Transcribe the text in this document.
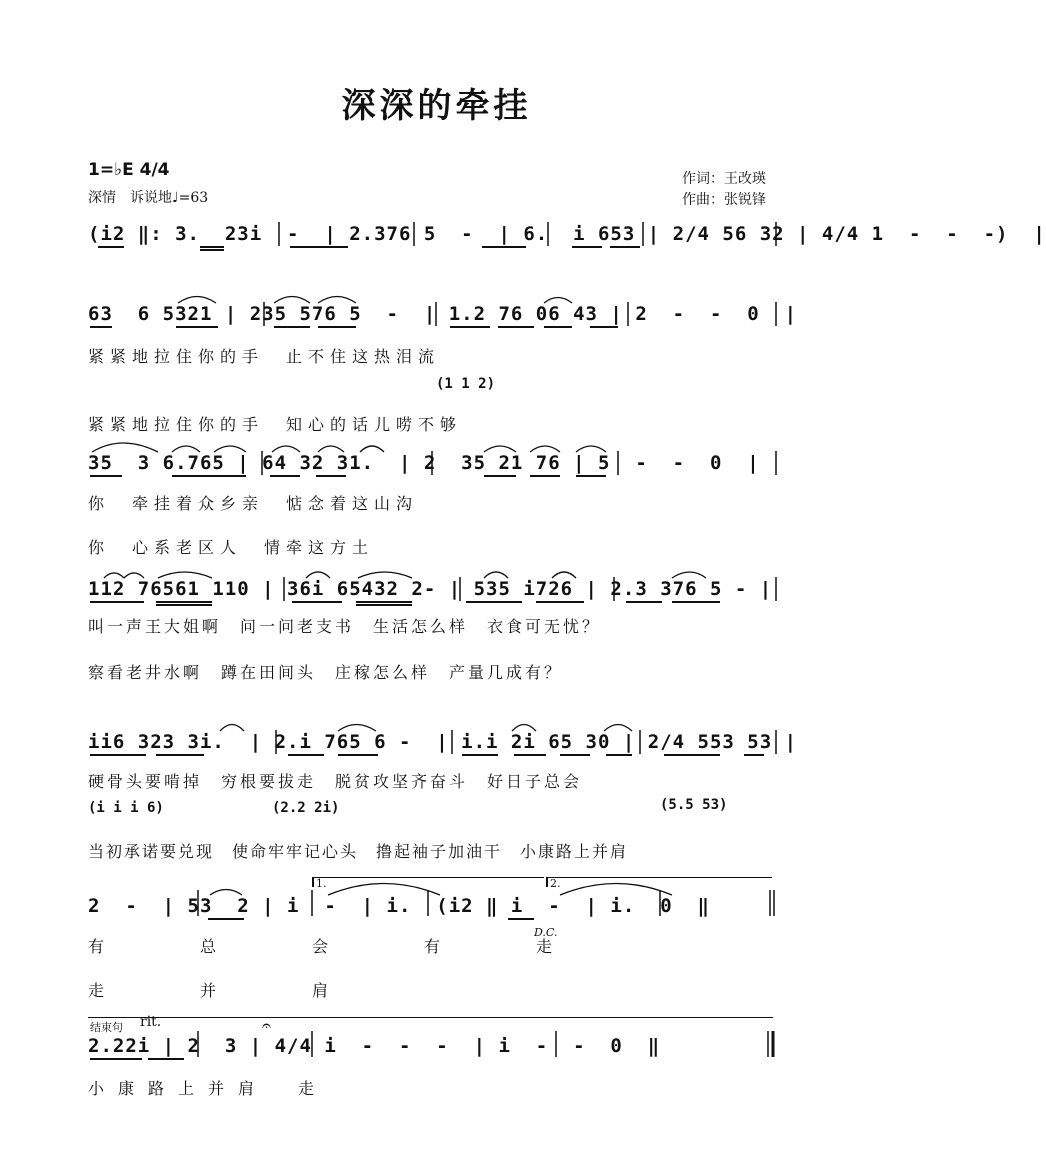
深深的牵挂
1=♭E 4/4
深情　诉说地♩=63
作词：王改瑛
作曲：张锐锋
(i2 ‖: 3.  23i  -  | 2.376 5  -  | 6.  i 653 | 2/4 56 32 | 4/4 1  -  -  -)  |
63  6 5321 | 235 576 5  -  | 1.2 76 06 43 | 2  -  -  0  |
35  3 6.765 | 64 32 31.  | 2  35 21 76 | 5  -  -  0  |
112 76561 110 | 36i 65432 2- | 535 i726 | 2.3 376 5 - |
ii6 323 3i.  | 2.i 765 6 -  | i.i 2i 65 30 | 2/4 553 53 |
2  -  | 53  2 | i  -  | i.  (i2 ‖ i  -  | i.  0  ‖
2.22i | 2  3 | 4/4 i  -  -  -  | i  -  -  0  ‖
紧紧地拉住你的手　止不住这热泪流
紧紧地拉住你的手　知心的话儿唠不够
你　牵挂着众乡亲　惦念着这山沟
你　心系老区人　情牵这方土
叫一声王大姐啊　问一问老支书　生活怎么样　衣食可无忧？
察看老井水啊　蹲在田间头　庄稼怎么样　产量几成有？
硬骨头要啃掉　穷根要拔走　脱贫攻坚齐奋斗　好日子总会
当初承诺要兑现　使命牢牢记心头　撸起袖子加油干　小康路上并肩
有　总　会　有　走
走　并　肩
小康路上并肩　走
(1 1 2)
(i i i 6)	(2.2 2i)	(5.5 53)
1.	2.
D.C.
结束句 rit.	𝄐
